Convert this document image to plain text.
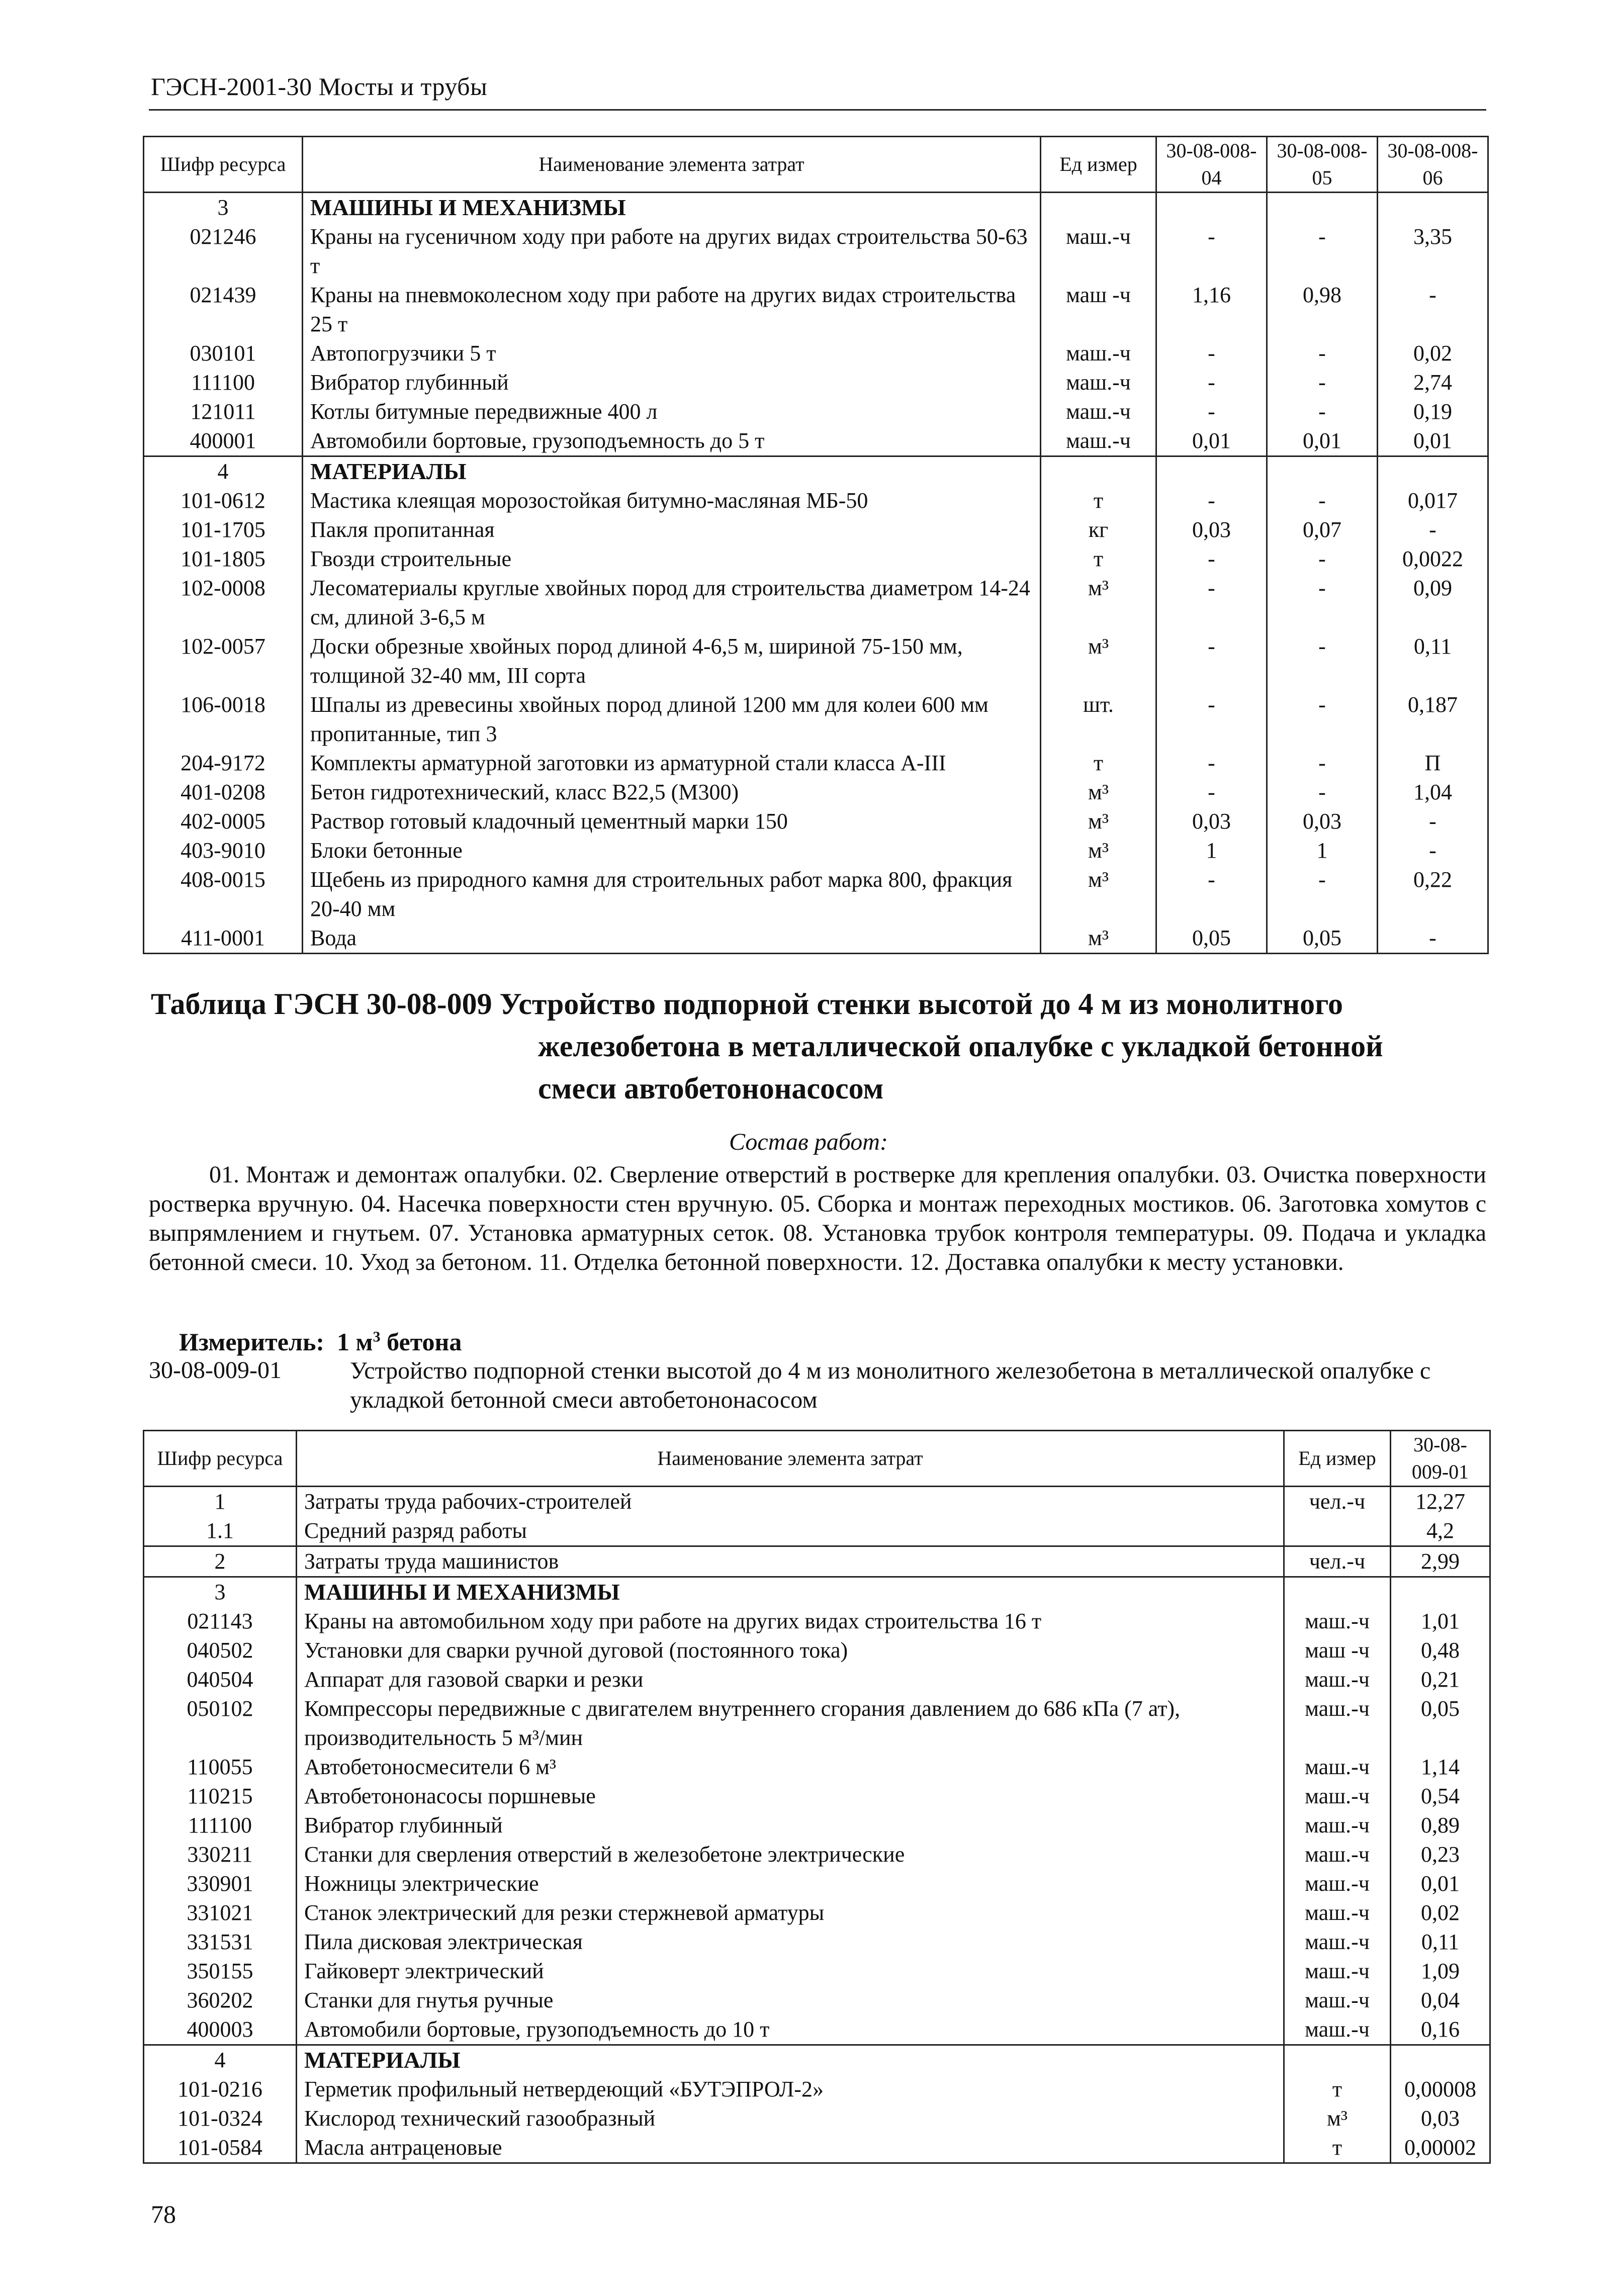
ГЭСН-2001-30 Мосты и трубы
Шифр ресурса	Наименование элемента затрат	Ед измер	30-08-008-04	30-08-008-05	30-08-008-06
3	МАШИНЫ И МЕХАНИЗМЫ				
021246	Краны на гусеничном ходу при работе на других видах строительства 50-63 т	маш.-ч	-	-	3,35
021439	Краны на пневмоколесном ходу при работе на других видах строительства 25 т	маш -ч	1,16	0,98	-
030101	Автопогрузчики 5 т	маш.-ч	-	-	0,02
111100	Вибратор глубинный	маш.-ч	-	-	2,74
121011	Котлы битумные передвижные 400 л	маш.-ч	-	-	0,19
400001	Автомобили бортовые, грузоподъемность до 5 т	маш.-ч	0,01	0,01	0,01
4	МАТЕРИАЛЫ				
101-0612	Мастика клеящая морозостойкая битумно-масляная МБ-50	т	-	-	0,017
101-1705	Пакля пропитанная	кг	0,03	0,07	-
101-1805	Гвозди строительные	т	-	-	0,0022
102-0008	Лесоматериалы круглые хвойных пород для строительства диаметром 14-24 см, длиной 3-6,5 м	м³	-	-	0,09
102-0057	Доски обрезные хвойных пород длиной 4-6,5 м, шириной 75-150 мм, толщиной 32-40 мм, III сорта	м³	-	-	0,11
106-0018	Шпалы из древесины хвойных пород длиной 1200 мм для колеи 600 мм пропитанные, тип 3	шт.	-	-	0,187
204-9172	Комплекты арматурной заготовки из арматурной стали класса А-III	т	-	-	П
401-0208	Бетон гидротехнический, класс В22,5 (М300)	м³	-	-	1,04
402-0005	Раствор готовый кладочный цементный марки 150	м³	0,03	0,03	-
403-9010	Блоки бетонные	м³	1	1	-
408-0015	Щебень из природного камня для строительных работ марка 800, фракция 20-40 мм	м³	-	-	0,22
411-0001	Вода	м³	0,05	0,05	-
Таблица ГЭСН 30-08-009 Устройство подпорной стенки высотой до 4 м из монолитного
железобетона в металлической опалубке с укладкой бетонной
смеси автобетононасосом
Состав работ:
01. Монтаж и демонтаж опалубки. 02. Сверление отверстий в ростверке для крепления опалубки. 03. Очистка поверхности ростверка вручную. 04. Насечка поверхности стен вручную. 05. Сборка и монтаж переходных мостиков. 06. Заготовка хомутов с выпрямлением и гнутьем. 07. Установка арматурных сеток. 08. Установка трубок контроля температуры. 09. Подача и укладка бетонной смеси. 10. Уход за бетоном. 11. Отделка бетонной поверхности. 12. Доставка опалубки к месту установки.
Измеритель: 1 $м^3$ бетона
30-08-009-01	Устройство подпорной стенки высотой до 4 м из монолитного железобетона в металлической опалубке с укладкой бетонной смеси автобетононасосом
Шифр ресурса	Наименование элемента затрат	Ед измер	30-08-009-01
1	Затраты труда рабочих-строителей	чел.-ч	12,27
1.1	Средний разряд работы		4,2
2	Затраты труда машинистов	чел.-ч	2,99
3	МАШИНЫ И МЕХАНИЗМЫ		
021143	Краны на автомобильном ходу при работе на других видах строительства 16 т	маш.-ч	1,01
040502	Установки для сварки ручной дуговой (постоянного тока)	маш -ч	0,48
040504	Аппарат для газовой сварки и резки	маш.-ч	0,21
050102	Компрессоры передвижные с двигателем внутреннего сгорания давлением до 686 кПа (7 ат), производительность 5 м³/мин	маш.-ч	0,05
110055	Автобетоносмесители 6 м³	маш.-ч	1,14
110215	Автобетононасосы поршневые	маш.-ч	0,54
111100	Вибратор глубинный	маш.-ч	0,89
330211	Станки для сверления отверстий в железобетоне электрические	маш.-ч	0,23
330901	Ножницы электрические	маш.-ч	0,01
331021	Станок электрический для резки стержневой арматуры	маш.-ч	0,02
331531	Пила дисковая электрическая	маш.-ч	0,11
350155	Гайковерт электрический	маш.-ч	1,09
360202	Станки для гнутья ручные	маш.-ч	0,04
400003	Автомобили бортовые, грузоподъемность до 10 т	маш.-ч	0,16
4	МАТЕРИАЛЫ		
101-0216	Герметик профильный нетвердеющий «БУТЭПРОЛ-2»	т	0,00008
101-0324	Кислород технический газообразный	м³	0,03
101-0584	Масла антраценовые	т	0,00002
78
